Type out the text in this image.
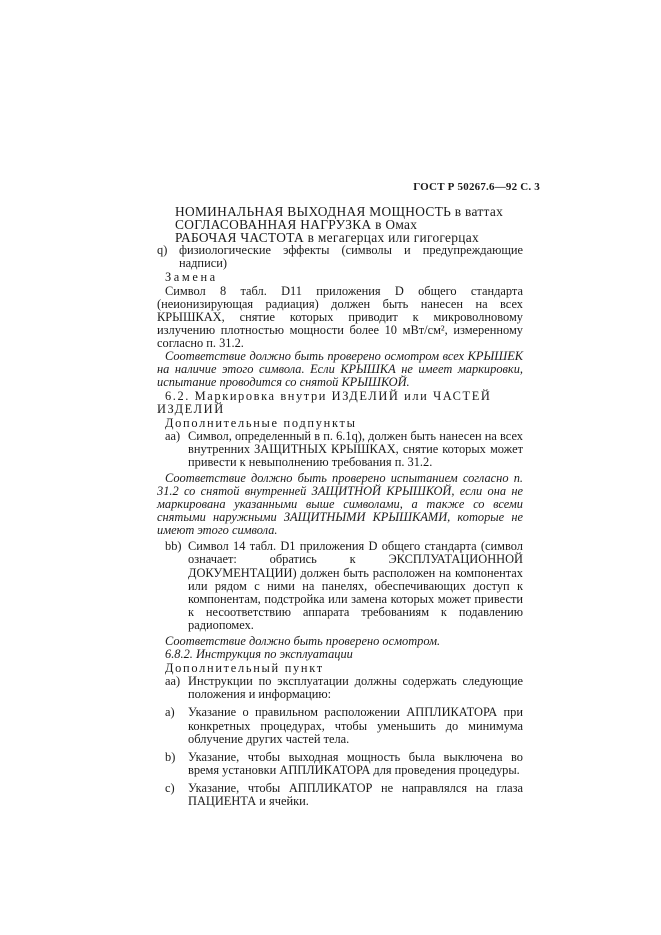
ГОСТ Р 50267.6—92 С. 3

НОМИНАЛЬНАЯ ВЫХОДНАЯ МОЩНОСТЬ в ваттах

СОГЛАСОВАННАЯ НАГРУЗКА в Омах

РАБОЧАЯ ЧАСТОТА в мегагерцах или гигогерцах

q) физиологические эффекты (символы и предупреждающие надписи)

Замена

Символ 8 табл. D11 приложения D общего стандарта (неионизирующая радиация) должен быть нанесен на всех КРЫШКАХ, снятие которых приводит к микроволновому излучению плотностью мощности более 10 мВт/см², измеренному согласно п. 31.2.

Соответствие должно быть проверено осмотром всех КРЫШЕК на наличие этого символа. Если КРЫШКА не имеет маркировки, испытание проводится со снятой КРЫШКОЙ.

6.2. Маркировка внутри ИЗДЕЛИЙ или ЧАСТЕЙ ИЗДЕЛИЙ

Дополнительные подпункты

аа) Символ, определенный в п. 6.1q), должен быть нанесен на всех внутренних ЗАЩИТНЫХ КРЫШКАХ, снятие которых может привести к невыполнению требования п. 31.2.

Соответствие должно быть проверено испытанием согласно п. 31.2 со снятой внутренней ЗАЩИТНОЙ КРЫШКОЙ, если она не маркирована указанными выше символами, а также со всеми снятыми наружными ЗАЩИТНЫМИ КРЫШКАМИ, которые не имеют этого символа.

bb) Символ 14 табл. D1 приложения D общего стандарта (символ означает: обратись к ЭКСПЛУАТАЦИОННОЙ ДОКУМЕНТАЦИИ) должен быть расположен на компонентах или рядом с ними на панелях, обеспечивающих доступ к компонентам, подстройка или замена которых может привести к несоответствию аппарата требованиям к подавлению радиопомех.

Соответствие должно быть проверено осмотром.

6.8.2. Инструкция по эксплуатации

Дополнительный пункт

аа) Инструкции по эксплуатации должны содержать следующие положения и информацию:

a) Указание о правильном расположении АППЛИКАТОРА при конкретных процедурах, чтобы уменьшить до минимума облучение других частей тела.

b) Указание, чтобы выходная мощность была выключена во время установки АППЛИКАТОРА для проведения процедуры.

c) Указание, чтобы АППЛИКАТОР не направлялся на глаза ПАЦИЕНТА и ячейки.
